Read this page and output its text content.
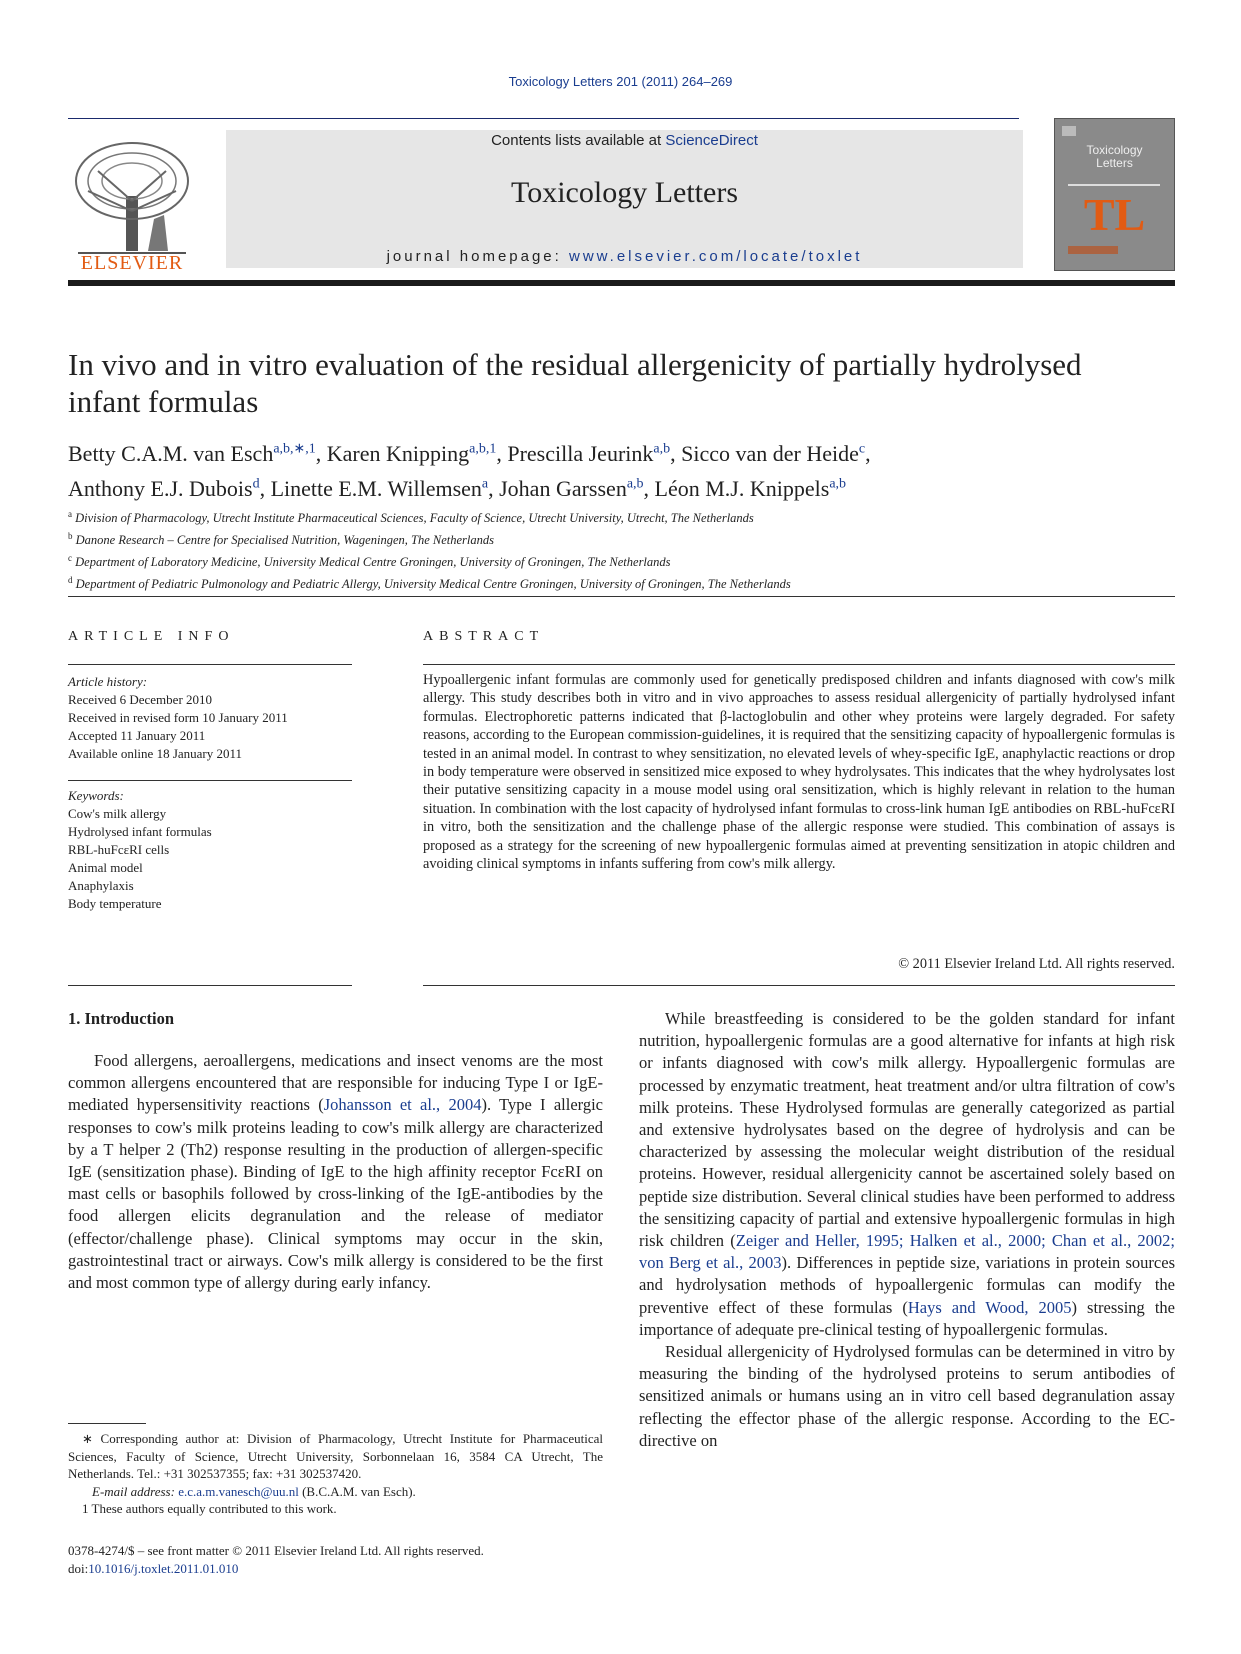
Toxicology Letters 201 (2011) 264–269
ELSEVIER
Contents lists available at ScienceDirect
Toxicology Letters
journal homepage: www.elsevier.com/locate/toxlet
Toxicology
Letters
TL
In vivo and in vitro evaluation of the residual allergenicity of partially hydrolysed infant formulas
Betty C.A.M. van Esch$^{a,b,∗,1}$, Karen Knipping$^{a,b,1}$, Prescilla Jeurink$^{a,b}$, Sicco van der Heide$^c$,
Anthony E.J. Dubois$^d$, Linette E.M. Willemsen$^a$, Johan Garssen$^{a,b}$, Léon M.J. Knippels$^{a,b}$
$^a$ Division of Pharmacology, Utrecht Institute Pharmaceutical Sciences, Faculty of Science, Utrecht University, Utrecht, The Netherlands
$^b$ Danone Research – Centre for Specialised Nutrition, Wageningen, The Netherlands
$^c$ Department of Laboratory Medicine, University Medical Centre Groningen, University of Groningen, The Netherlands
$^d$ Department of Pediatric Pulmonology and Pediatric Allergy, University Medical Centre Groningen, University of Groningen, The Netherlands
ARTICLE INFO
Article history:
Received 6 December 2010
Received in revised form 10 January 2011
Accepted 11 January 2011
Available online 18 January 2011
Keywords:
Cow's milk allergy
Hydrolysed infant formulas
RBL-huFcεRI cells
Animal model
Anaphylaxis
Body temperature
ABSTRACT
Hypoallergenic infant formulas are commonly used for genetically predisposed children and infants diagnosed with cow's milk allergy. This study describes both in vitro and in vivo approaches to assess residual allergenicity of partially hydrolysed infant formulas. Electrophoretic patterns indicated that β-lactoglobulin and other whey proteins were largely degraded. For safety reasons, according to the European commission-guidelines, it is required that the sensitizing capacity of hypoallergenic formulas is tested in an animal model. In contrast to whey sensitization, no elevated levels of whey-specific IgE, anaphylactic reactions or drop in body temperature were observed in sensitized mice exposed to whey hydrolysates. This indicates that the whey hydrolysates lost their putative sensitizing capacity in a mouse model using oral sensitization, which is highly relevant in relation to the human situation. In combination with the lost capacity of hydrolysed infant formulas to cross-link human IgE antibodies on RBL-huFcεRI in vitro, both the sensitization and the challenge phase of the allergic response were studied. This combination of assays is proposed as a strategy for the screening of new hypoallergenic formulas aimed at preventing sensitization in atopic children and avoiding clinical symptoms in infants suffering from cow's milk allergy.
© 2011 Elsevier Ireland Ltd. All rights reserved.
1. Introduction

Food allergens, aeroallergens, medications and insect venoms are the most common allergens encountered that are responsible for inducing Type I or IgE-mediated hypersensitivity reactions (Johansson et al., 2004). Type I allergic responses to cow's milk proteins leading to cow's milk allergy are characterized by a T helper 2 (Th2) response resulting in the production of allergen-specific IgE (sensitization phase). Binding of IgE to the high affinity receptor FcεRI on mast cells or basophils followed by cross-linking of the IgE-antibodies by the food allergen elicits degranulation and the release of mediator (effector/challenge phase). Clinical symptoms may occur in the skin, gastrointestinal tract or airways. Cow's milk allergy is considered to be the first and most common type of allergy during early infancy.

While breastfeeding is considered to be the golden standard for infant nutrition, hypoallergenic formulas are a good alternative for infants at high risk or infants diagnosed with cow's milk allergy. Hypoallergenic formulas are processed by enzymatic treatment, heat treatment and/or ultra filtration of cow's milk proteins. These Hydrolysed formulas are generally categorized as partial and extensive hydrolysates based on the degree of hydrolysis and can be characterized by assessing the molecular weight distribution of the residual proteins. However, residual allergenicity cannot be ascertained solely based on peptide size distribution. Several clinical studies have been performed to address the sensitizing capacity of partial and extensive hypoallergenic formulas in high risk children (Zeiger and Heller, 1995; Halken et al., 2000; Chan et al., 2002; von Berg et al., 2003). Differences in peptide size, variations in protein sources and hydrolysation methods of hypoallergenic formulas can modify the preventive effect of these formulas (Hays and Wood, 2005) stressing the importance of adequate pre-clinical testing of hypoallergenic formulas.

Residual allergenicity of Hydrolysed formulas can be determined in vitro by measuring the binding of the hydrolysed proteins to serum antibodies of sensitized animals or humans using an in vitro cell based degranulation assay reflecting the effector phase of the allergic response. According to the EC-directive on

∗ Corresponding author at: Division of Pharmacology, Utrecht Institute for Pharmaceutical Sciences, Faculty of Science, Utrecht University, Sorbonnelaan 16, 3584 CA Utrecht, The Netherlands. Tel.: +31 302537355; fax: +31 302537420.

E-mail address: e.c.a.m.vanesch@uu.nl (B.C.A.M. van Esch).

1 These authors equally contributed to this work.

0378-4274/$ – see front matter © 2011 Elsevier Ireland Ltd. All rights reserved.
doi:10.1016/j.toxlet.2011.01.010
